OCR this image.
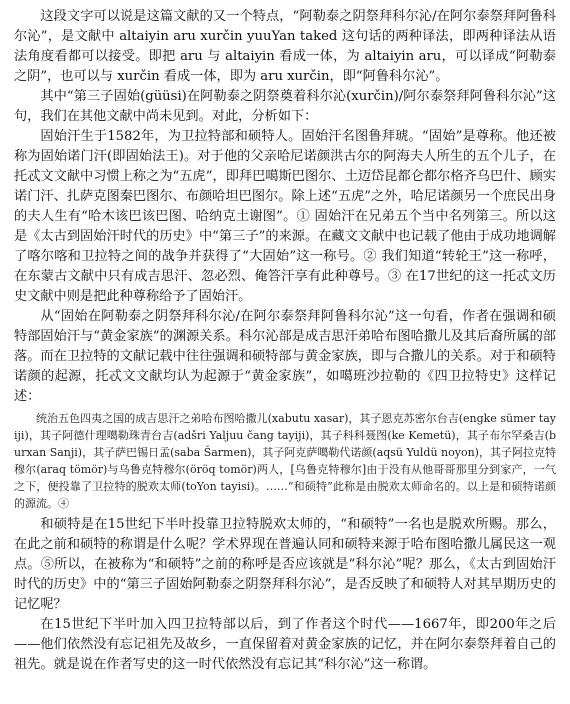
这段文字可以说是这篇文献的又一个特点，“阿勒泰之阴祭拜科尔沁/在阿尔泰祭拜阿鲁科尔沁”，是文献中 altaiyin aru xurčin yuuYan taked 这句话的两种译法，即两种译法从语法角度看都可以接受。即把 aru 与 altaiyin 看成一体，为 altaiyin aru，可以译成“阿勒泰之阴”，也可以与 xurčin 看成一体，即为 aru xurčin，即“阿鲁科尔沁”。

其中“第三子固始(güüsi)在阿勒泰之阴祭奠着科尔沁(xurčin)/阿尔泰祭拜阿鲁科尔沁”这句，我们在其他文献中尚未见到。对此，分析如下：

固始汗生于1582年，为卫拉特部和硕特人。固始汗名图鲁拜琥。“固始”是尊称。他还被称为固始诺门汗(即固始法王)。对于他的父亲哈尼诺颜洪古尔的阿海夫人所生的五个儿子，在托忒文文献中习惯上称之为“五虎”，即拜巴噶斯巴图尔、土迈岱昆都仑都尔格齐乌巴什、顾实诺门汗、扎萨克图秦巴图尔、布颜哈坦巴图尔。除上述“五虎”之外，哈尼诺颜另一个庶民出身的夫人生有“哈木该巴该巴图、哈纳克土谢图”。① 固始汗在兄弟五个当中名列第三。所以这是《太古到固始汗时代的历史》中“第三子”的来源。在藏文文献中也记载了他由于成功地调解了喀尔喀和卫拉特之间的战争并获得了“大固始”这一称号。② 我们知道“转轮王”这一称呼，在东蒙古文献中只有成吉思汗、忽必烈、俺答汗享有此种尊号。③ 在17世纪的这一托忒文历史文献中则是把此种尊称给予了固始汗。

从“固始在阿勒泰之阴祭拜科尔沁/在阿尔泰祭拜阿鲁科尔沁”这一句看，作者在强调和硕特部固始汗与“黄金家族”的渊源关系。科尔沁部是成吉思汗弟哈布图哈撒儿及其后裔所属的部落。而在卫拉特的文献记载中往往强调和硕特部与黄金家族，即与合撒儿的关系。对于和硕特诺颜的起源，托忒文文献均认为起源于“黄金家族”，如噶班沙拉勒的《四卫拉特史》这样记述：

统治五色四夷之国的成吉思汗之弟哈布图哈撒儿(xabutu xasar)，其子恩克苏密尔台吉(engke sümer tayiji)，其子阿德什理噶勒珠青台吉(adšri Yaljuu čang tayiji)，其子科科聂图(ke Kemetü)，其子布尔罕桑吉(burxan Sanji)，其子萨巴锡日孟(saba Šarmen)，其子阿克萨噶勒代诺颜(aqsü Yuldü noyon)，其子阿拉克特穆尔(araq tömör)与乌鲁克特穆尔(öröq tomör)两人，[乌鲁克特穆尔]由于没有从他哥哥那里分到家产，一气之下，便投靠了卫拉特的脱欢太师(toYon tayisi)。……“和硕特”此称是由脱欢太师命名的。以上是和硕特诺颜的源流。④

和硕特是在15世纪下半叶投靠卫拉特脱欢太师的，“和硕特”一名也是脱欢所赐。那么，在此之前和硕特的称谓是什么呢？学术界现在普遍认同和硕特来源于哈布图哈撒儿属民这一观点。⑤所以，在被称为“和硕特”之前的称呼是否应该就是“科尔沁”呢？那么，《太古到固始汗时代的历史》中的“第三子固始阿勒泰之阴祭拜科尔沁”，是否反映了和硕特人对其早期历史的记忆呢？

在15世纪下半叶加入四卫拉特部以后，到了作者这个时代——1667年，即200年之后——他们依然没有忘记祖先及故乡，一直保留着对黄金家族的记忆，并在阿尔泰祭拜着自己的祖先。就是说在作者写史的这一时代依然没有忘记其“科尔沁”这一称谓。
